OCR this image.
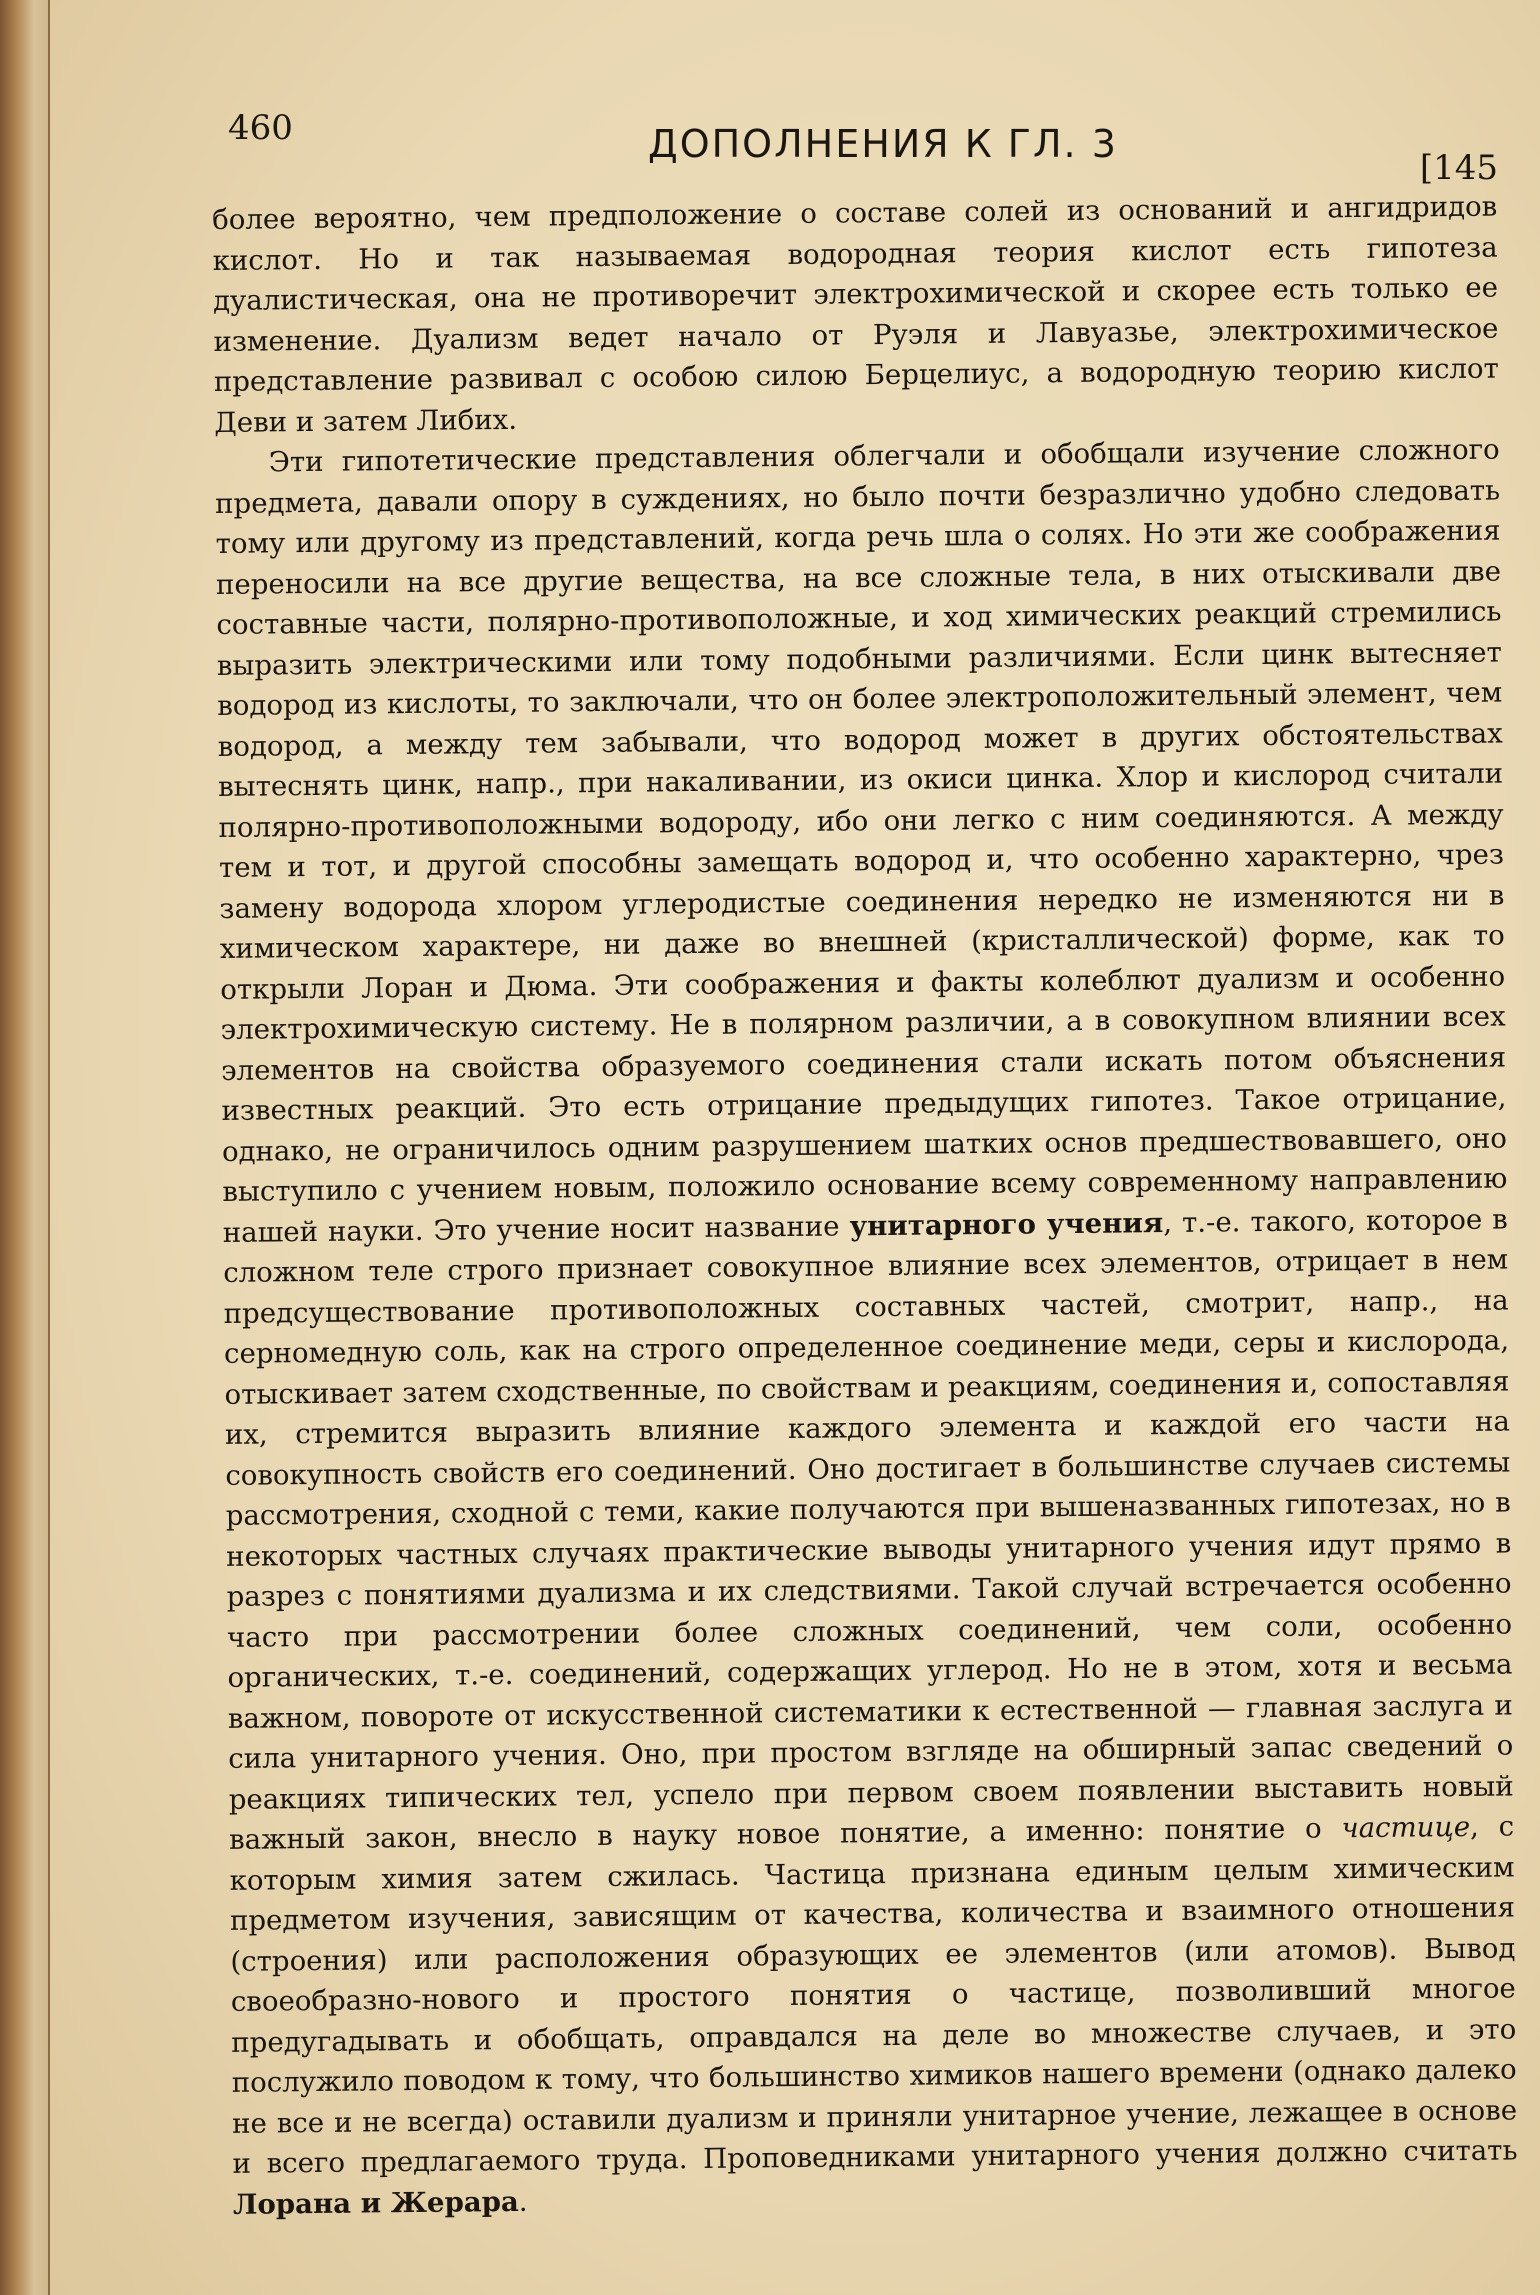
460	ДОПОЛНЕНИЯ К ГЛ. 3
[145

более вероятно, чем предположение о составе солей из оснований и ангидридов кислот. Но и так называемая водородная теория кислот есть гипотеза дуалистическая, она не противоречит электрохимической и скорее есть только ее изменение. Дуализм ведет начало от Руэля и Лавуазье, электрохимическое представление развивал с особою силою Берцелиус, а водородную теорию кислот Деви и затем Либих.

Эти гипотетические представления облегчали и обобщали изучение сложного предмета, давали опору в суждениях, но было почти безразлично удобно следовать тому или другому из представлений, когда речь шла о солях. Но эти же соображения переносили на все другие вещества, на все сложные тела, в них отыскивали две составные части, полярно-противоположные, и ход химических реакций стремились выразить электрическими или тому подобными различиями. Если цинк вытесняет водород из кислоты, то заключали, что он более электроположительный элемент, чем водород, а между тем забывали, что водород может в других обстоятельствах вытеснять цинк, напр., при накаливании, из окиси цинка. Хлор и кислород считали полярно-противоположными водороду, ибо они легко с ним соединяются. А между тем и тот, и другой способны замещать водород и, что особенно характерно, чрез замену водорода хлором углеродистые соединения нередко не изменяются ни в химическом характере, ни даже во внешней (кристаллической) форме, как то открыли Лоран и Дюма. Эти соображения и факты колеблют дуализм и особенно электрохимическую систему. Не в полярном различии, а в совокупном влиянии всех элементов на свойства образуемого соединения стали искать потом объяснения известных реакций. Это есть отрицание предыдущих гипотез. Такое отрицание, однако, не ограничилось одним разрушением шатких основ предшествовавшего, оно выступило с учением новым, положило основание всему современному направлению нашей науки. Это учение носит название унитарного учения, т.-е. такого, которое в сложном теле строго признает совокупное влияние всех элементов, отрицает в нем предсуществование противоположных составных частей, смотрит, напр., на серномедную соль, как на строго определенное соединение меди, серы и кислорода, отыскивает затем сходственные, по свойствам и реакциям, соединения и, сопоставляя их, стремится выразить влияние каждого элемента и каждой его части на совокупность свойств его соединений. Оно достигает в большинстве случаев системы рассмотрения, сходной с теми, какие получаются при вышеназванных гипотезах, но в некоторых частных случаях практические выводы унитарного учения идут прямо в разрез с понятиями дуализма и их следствиями. Такой случай встречается особенно часто при рассмотрении более сложных соединений, чем соли, особенно органических, т.-е. соединений, содержащих углерод. Но не в этом, хотя и весьма важном, повороте от искусственной систематики к естественной — главная заслуга и сила унитарного учения. Оно, при простом взгляде на обширный запас сведений о реакциях типических тел, успело при первом своем появлении выставить новый важный закон, внесло в науку новое понятие, а именно: понятие о частице, с которым химия затем сжилась. Частица признана единым целым химическим предметом изучения, зависящим от качества, количества и взаимного отношения (строения) или расположения образующих ее элементов (или атомов). Вывод своеобразно-нового и простого понятия о частице, позволивший многое предугадывать и обобщать, оправдался на деле во множестве случаев, и это послужило поводом к тому, что большинство химиков нашего времени (однако далеко не все и не всегда) оставили дуализм и приняли унитарное учение, лежащее в основе и всего предлагаемого труда. Проповедниками унитарного учения должно считать Лорана и Жерара.
